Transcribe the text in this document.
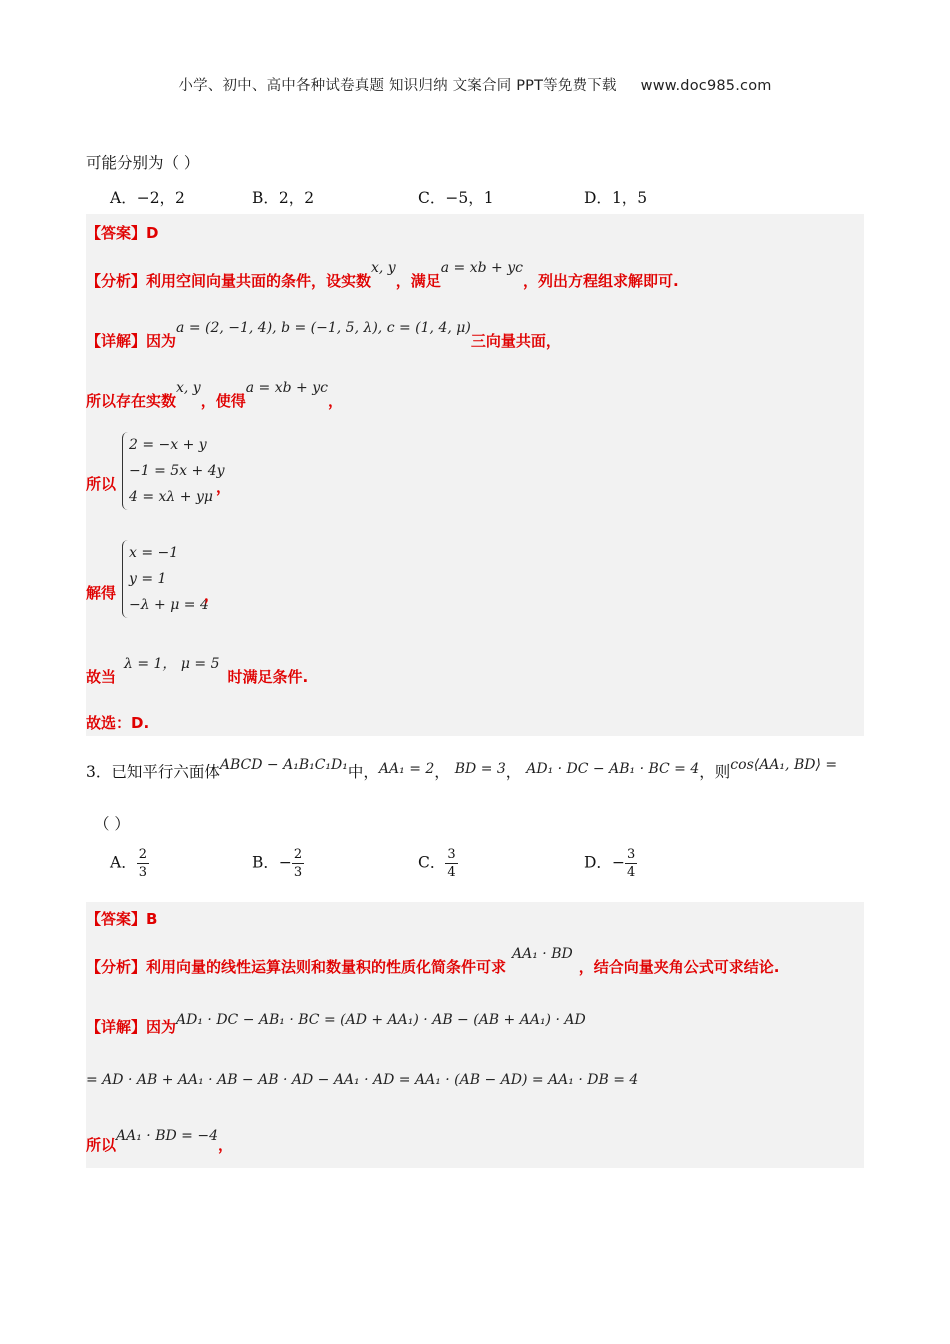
小学、初中、高中各种试卷真题 知识归纳 文案合同 PPT等免费下载 www.doc985.com
可能分别为（ ）
A．−2，2	B．2，2	C．−5，1	D．1，5
【答案】D
【分析】利用空间向量共面的条件，设实数x, y，满足a = xb + yc，列出方程组求解即可.
【详解】因为a = (2, −1, 4), b = (−1, 5, λ), c = (1, 4, μ)三向量共面，
所以存在实数x, y，使得a = xb + yc，
所以
2 = −x + y
−1 = 5x + 4y
4 = xλ + yμ
，
解得
x = −1
y = 1
−λ + μ = 4
，
故当λ = 1， μ = 5时满足条件.
故选：D.
3．已知平行六面体ABCD − A₁B₁C₁D₁中，AA₁ = 2， BD = 3， AD₁ · DC − AB₁ · BC = 4，则cos⟨AA₁, BD⟩ =
（ ）
A． $\frac{2}{3}$	B．− $\frac{2}{3}$	C． $\frac{3}{4}$	D．− $\frac{3}{4}$
【答案】B
【分析】利用向量的线性运算法则和数量积的性质化简条件可求AA₁ · BD，结合向量夹角公式可求结论.
【详解】因为AD₁ · DC − AB₁ · BC = (AD + AA₁) · AB − (AB + AA₁) · AD
= AD · AB + AA₁ · AB − AB · AD − AA₁ · AD = AA₁ · (AB − AD) = AA₁ · DB = 4
所以AA₁ · BD = −4，
